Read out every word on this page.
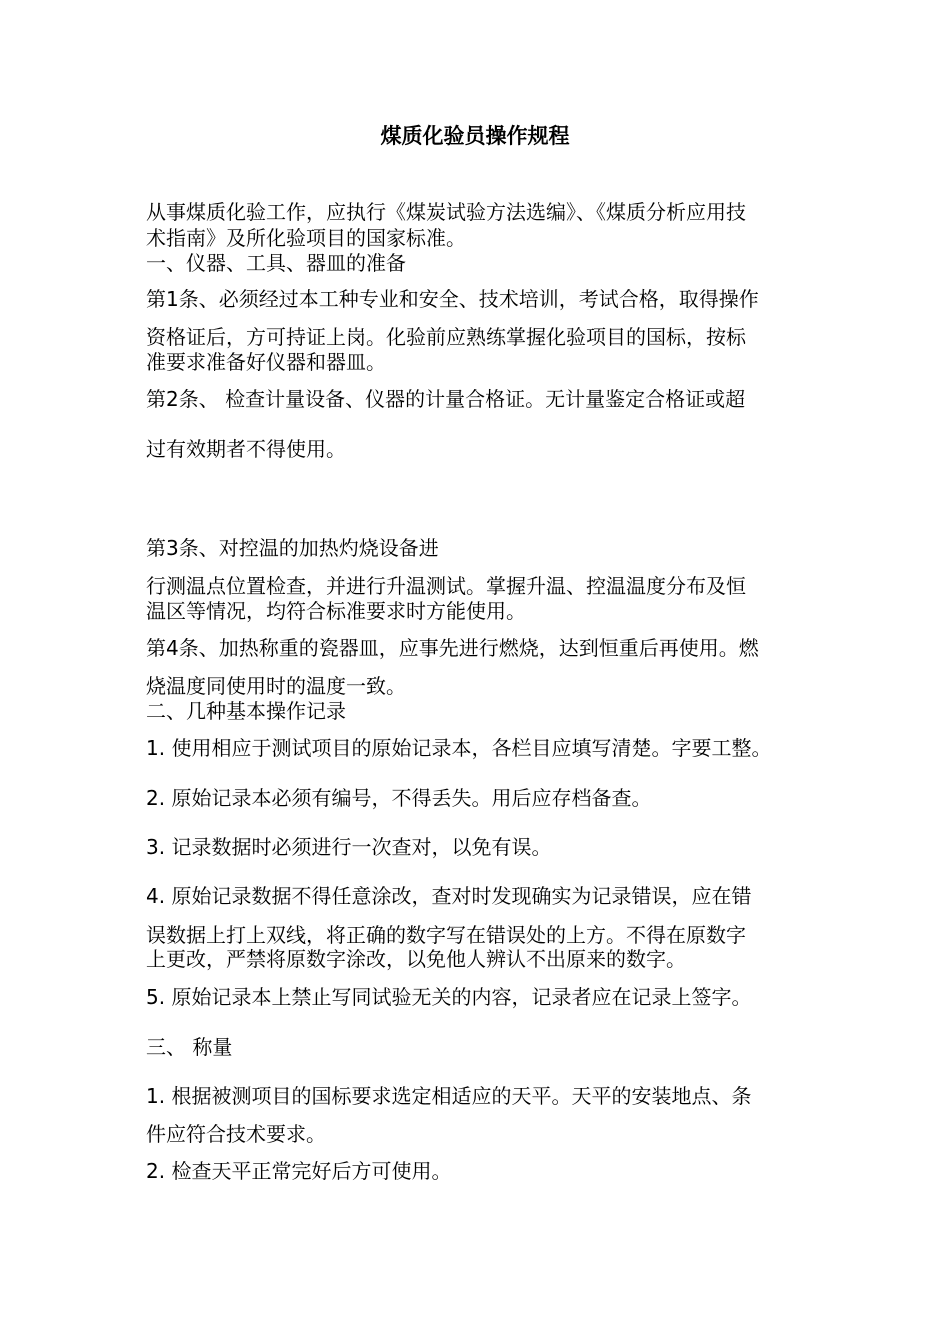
煤质化验员操作规程
从事煤质化验工作，应执行《煤炭试验方法选编》、《煤质分析应用技
术指南》及所化验项目的国家标准。
一、仪器、工具、器皿的准备
第1条、必须经过本工种专业和安全、技术培训，考试合格，取得操作
资格证后，方可持证上岗。化验前应熟练掌握化验项目的国标，按标
准要求准备好仪器和器皿。
第2条、 检查计量设备、仪器的计量合格证。无计量鉴定合格证或超
过有效期者不得使用。
第3条、对控温的加热灼烧设备进
行测温点位置检查，并进行升温测试。掌握升温、控温温度分布及恒
温区等情况，均符合标准要求时方能使用。
第4条、加热称重的瓷器皿，应事先进行燃烧，达到恒重后再使用。燃
烧温度同使用时的温度一致。
二、几种基本操作记录
1. 使用相应于测试项目的原始记录本，各栏目应填写清楚。字要工整。
2. 原始记录本必须有编号，不得丢失。用后应存档备查。
3. 记录数据时必须进行一次查对，以免有误。
4. 原始记录数据不得任意涂改，查对时发现确实为记录错误，应在错
误数据上打上双线，将正确的数字写在错误处的上方。不得在原数字
上更改，严禁将原数字涂改，以免他人辨认不出原来的数字。
5. 原始记录本上禁止写同试验无关的内容，记录者应在记录上签字。
三、 称量
1. 根据被测项目的国标要求选定相适应的天平。天平的安装地点、条
件应符合技术要求。
2. 检查天平正常完好后方可使用。
